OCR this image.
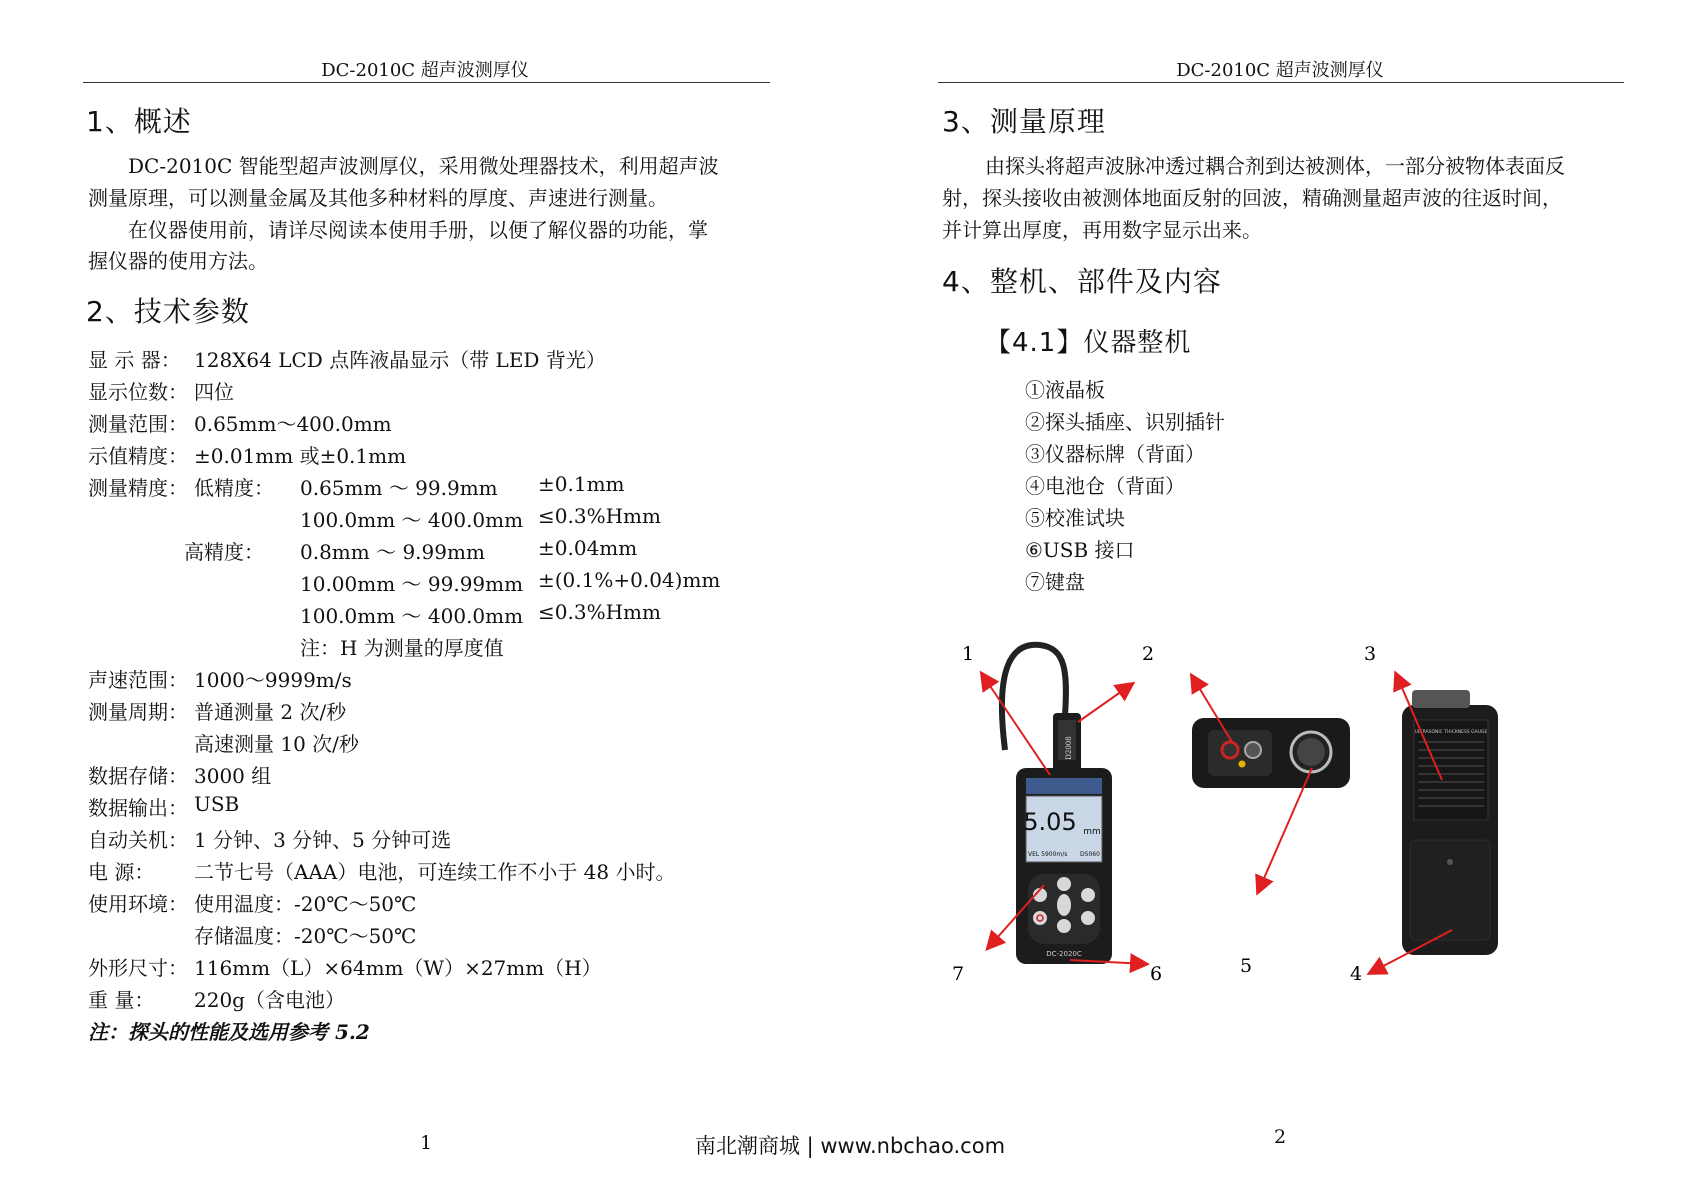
DC-2010C 超声波测厚仪
1、概述
DC-2010C 智能型超声波测厚仪，采用微处理器技术，利用超声波
测量原理，可以测量金属及其他多种材料的厚度、声速进行测量。
在仪器使用前，请详尽阅读本使用手册，以便了解仪器的功能，掌
握仪器的使用方法。
2、技术参数
显 示 器： 128X64 LCD 点阵液晶显示（带 LED 背光）
显示位数： 四位
测量范围： 0.65mm～400.0mm
示值精度： ±0.01mm 或±0.1mm
测量精度： 低精度： 0.65mm ～ 99.9mm ±0.1mm
100.0mm ～ 400.0mm ≤0.3%Hmm
高精度： 0.8mm ～ 9.99mm	±0.04mm
10.00mm ～ 99.99mm ±(0.1%+0.04)mm
100.0mm ～ 400.0mm ≤0.3%Hmm
注：H 为测量的厚度值
声速范围： 1000～9999m/s
测量周期： 普通测量 2 次/秒
高速测量 10 次/秒
数据存储： 3000 组
数据输出： USB
自动关机： 1 分钟、3 分钟、5 分钟可选
电 源： 二节七号（AAA）电池，可连续工作不小于 48 小时。
使用环境： 使用温度：-20℃～50℃
存储温度：-20℃～50℃
外形尺寸： 116mm（L）×64mm（W）×27mm（H）
重 量： 220g（含电池）
注：探头的性能及选用参考 5.2
1
DC-2010C 超声波测厚仪
3、测量原理
由探头将超声波脉冲透过耦合剂到达被测体，一部分被物体表面反
射，探头接收由被测体地面反射的回波，精确测量超声波的往返时间，
并计算出厚度，再用数字显示出来。
4、整机、部件及内容
【4.1】仪器整机
①液晶板
②探头插座、识别插针
③仪器标牌（背面）
④电池仓（背面）
⑤校准试块
⑥USB 接口
⑦键盘
D2008
5.05 mm
VEL 5900m/s D5060
DC-2020C
ULTRASONIC THICKNESS GAUGE
1	2	3
7	6	5	4
2
南北潮商城 | www.nbchao.com
